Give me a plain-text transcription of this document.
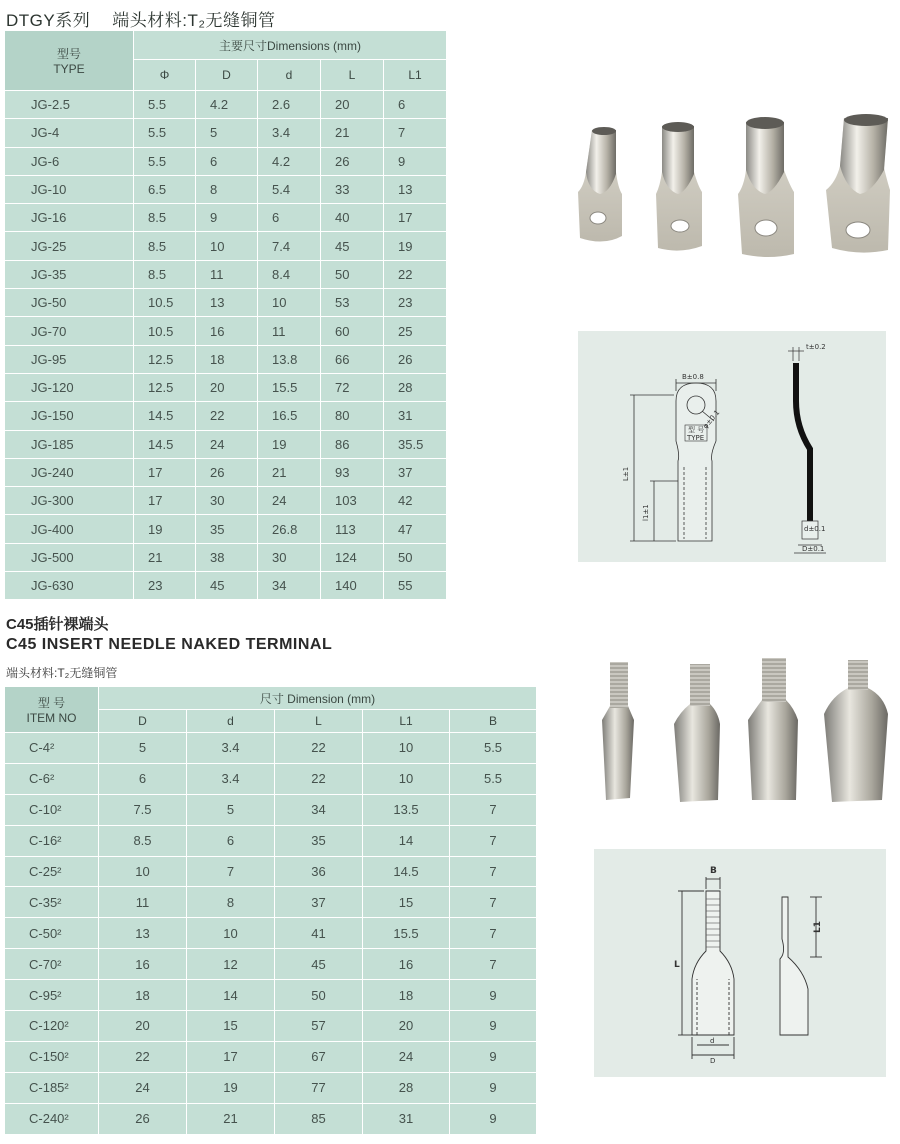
DTGY系列 端头材料:T₂无缝铜管
型号
TYPE	主要尺寸Dimensions (mm)				
	Φ	D	d	L	L1
JG-2.5	5.5	4.2	2.6	20	6
JG-4	5.5	5	3.4	21	7
JG-6	5.5	6	4.2	26	9
JG-10	6.5	8	5.4	33	13
JG-16	8.5	9	6	40	17
JG-25	8.5	10	7.4	45	19
JG-35	8.5	11	8.4	50	22
JG-50	10.5	13	10	53	23
JG-70	10.5	16	11	60	25
JG-95	12.5	18	13.8	66	26
JG-120	12.5	20	15.5	72	28
JG-150	14.5	22	16.5	80	31
JG-185	14.5	24	19	86	35.5
JG-240	17	26	21	93	37
JG-300	17	30	24	103	42
JG-400	19	35	26.8	113	47
JG-500	21	38	30	124	50
JG-630	23	45	34	140	55
B±0.8
t±0.2
φ±0.1
L±1
l1±1
d±0.1
D±0.1
型 号
TYPE
C45插针裸端头
C45 INSERT NEEDLE NAKED TERMINAL
端头材料:T₂无缝铜管
型 号
ITEM NO	尺寸 Dimension (mm)				
	D	d	L	L1	B
C-4²	5	3.4	22	10	5.5
C-6²	6	3.4	22	10	5.5
C-10²	7.5	5	34	13.5	7
C-16²	8.5	6	35	14	7
C-25²	10	7	36	14.5	7
C-35²	11	8	37	15	7
C-50²	13	10	41	15.5	7
C-70²	16	12	45	16	7
C-95²	18	14	50	18	9
C-120²	20	15	57	20	9
C-150²	22	17	67	24	9
C-185²	24	19	77	28	9
C-240²	26	21	85	31	9
B
L
L1
d
D
